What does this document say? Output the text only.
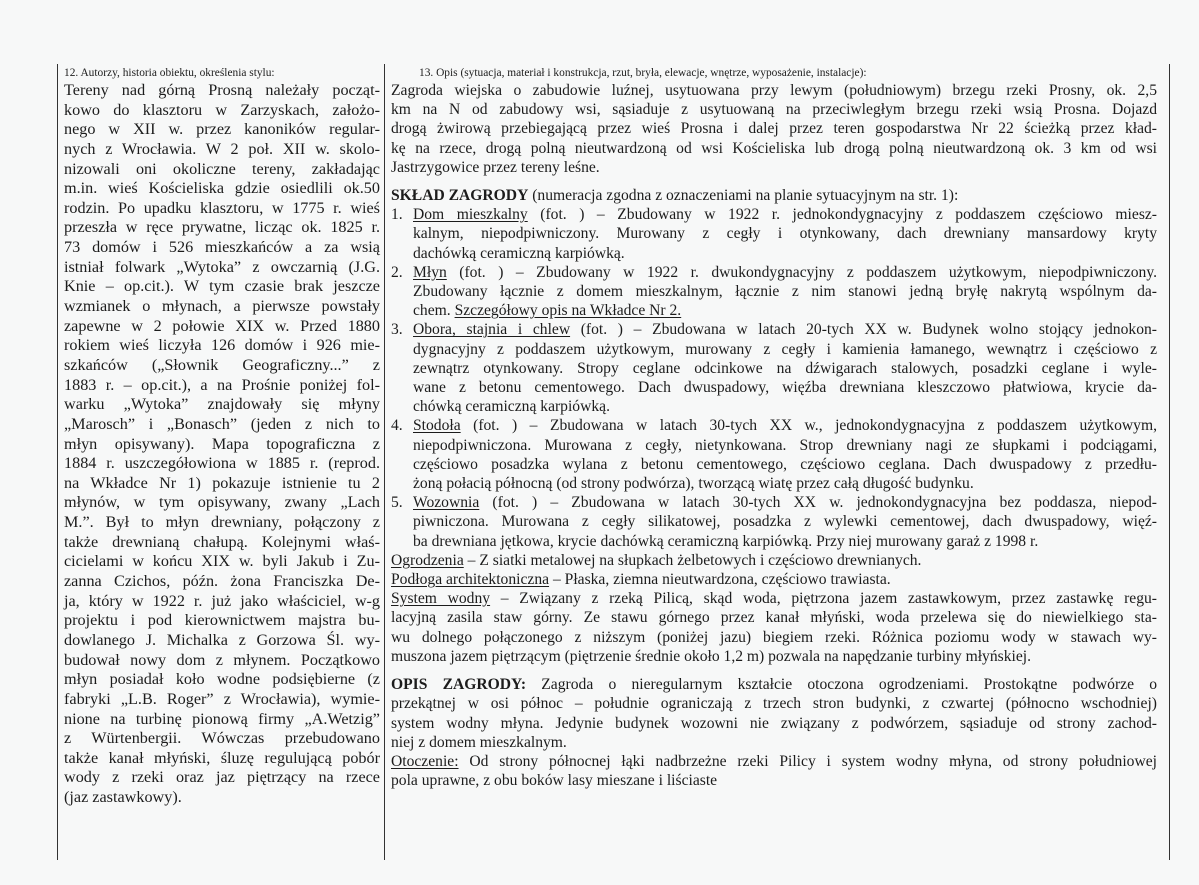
12. Autorzy, historia obiektu, określenia stylu:
Tereny nad górną Prosną należały począt-
kowo do klasztoru w Zarzyskach, założo-
nego w XII w. przez kanoników regular-
nych z Wrocławia. W 2 poł. XII w. skolo-
nizowali oni okoliczne tereny, zakładając
m.in. wieś Kościeliska gdzie osiedlili ok.50
rodzin. Po upadku klasztoru, w 1775 r. wieś
przeszła w ręce prywatne, licząc ok. 1825 r.
73 domów i 526 mieszkańców a za wsią
istniał folwark „Wytoka” z owczarnią (J.G.
Knie – op.cit.). W tym czasie brak jeszcze
wzmianek o młynach, a pierwsze powstały
zapewne w 2 połowie XIX w. Przed 1880
rokiem wieś liczyła 126 domów i 926 mie-
szkańców („Słownik Geograficzny...” z
1883 r. – op.cit.), a na Prośnie poniżej fol-
warku „Wytoka” znajdowały się młyny
„Marosch” i „Bonasch” (jeden z nich to
młyn opisywany). Mapa topograficzna z
1884 r. uszczegółowiona w 1885 r. (reprod.
na Wkładce Nr 1) pokazuje istnienie tu 2
młynów, w tym opisywany, zwany „Lach
M.”. Był to młyn drewniany, połączony z
także drewnianą chałupą. Kolejnymi właś-
cicielami w końcu XIX w. byli Jakub i Zu-
zanna Czichos, późn. żona Franciszka De-
ja, który w 1922 r. już jako właściciel, w-g
projektu i pod kierownictwem majstra bu-
dowlanego J. Michalka z Gorzowa Śl. wy-
budował nowy dom z młynem. Początkowo
młyn posiadał koło wodne podsiębierne (z
fabryki „L.B. Roger” z Wrocławia), wymie-
nione na turbinę pionową firmy „A.Wetzig”
z Würtenbergii. Wówczas przebudowano
także kanał młyński, śluzę regulującą pobór
wody z rzeki oraz jaz piętrzący na rzece
(jaz zastawkowy).
13. Opis (sytuacja, materiał i konstrukcja, rzut, bryła, elewacje, wnętrze, wyposażenie, instalacje):
Zagroda wiejska o zabudowie luźnej, usytuowana przy lewym (południowym) brzegu rzeki Prosny, ok. 2,5
km na N od zabudowy wsi, sąsiaduje z usytuowaną na przeciwległym brzegu rzeki wsią Prosna. Dojazd
drogą żwirową przebiegającą przez wieś Prosna i dalej przez teren gospodarstwa Nr 22 ścieżką przez kład-
kę na rzece, drogą polną nieutwardzoną od wsi Kościeliska lub drogą polną nieutwardzoną ok. 3 km od wsi
Jastrzygowice przez tereny leśne.
SKŁAD ZAGRODY (numeracja zgodna z oznaczeniami na planie sytuacyjnym na str. 1):
1. Dom mieszkalny (fot. ) – Zbudowany w 1922 r. jednokondygnacyjny z poddaszem częściowo miesz-
kalnym, niepodpiwniczony. Murowany z cegły i otynkowany, dach drewniany mansardowy kryty
dachówką ceramiczną karpiówką.
2. Młyn (fot. ) – Zbudowany w 1922 r. dwukondygnacyjny z poddaszem użytkowym, niepodpiwniczony.
Zbudowany łącznie z domem mieszkalnym, łącznie z nim stanowi jedną bryłę nakrytą wspólnym da-
chem. Szczegółowy opis na Wkładce Nr 2.
3. Obora, stajnia i chlew (fot. ) – Zbudowana w latach 20-tych XX w. Budynek wolno stojący jednokon-
dygnacyjny z poddaszem użytkowym, murowany z cegły i kamienia łamanego, wewnątrz i częściowo z
zewnątrz otynkowany. Stropy ceglane odcinkowe na dźwigarach stalowych, posadzki ceglane i wyle-
wane z betonu cementowego. Dach dwuspadowy, więźba drewniana kleszczowo płatwiowa, krycie da-
chówką ceramiczną karpiówką.
4. Stodoła (fot. ) – Zbudowana w latach 30-tych XX w., jednokondygnacyjna z poddaszem użytkowym,
niepodpiwniczona. Murowana z cegły, nietynkowana. Strop drewniany nagi ze słupkami i podciągami,
częściowo posadzka wylana z betonu cementowego, częściowo ceglana. Dach dwuspadowy z przedłu-
żoną połacią północną (od strony podwórza), tworzącą wiatę przez całą długość budynku.
5. Wozownia (fot. ) – Zbudowana w latach 30-tych XX w. jednokondygnacyjna bez poddasza, niepod-
piwniczona. Murowana z cegły silikatowej, posadzka z wylewki cementowej, dach dwuspadowy, więź-
ba drewniana jętkowa, krycie dachówką ceramiczną karpiówką. Przy niej murowany garaż z 1998 r.
Ogrodzenia – Z siatki metalowej na słupkach żelbetowych i częściowo drewnianych.
Podłoga architektoniczna – Płaska, ziemna nieutwardzona, częściowo trawiasta.
System wodny – Związany z rzeką Pilicą, skąd woda, piętrzona jazem zastawkowym, przez zastawkę regu-
lacyjną zasila staw górny. Ze stawu górnego przez kanał młyński, woda przelewa się do niewielkiego sta-
wu dolnego połączonego z niższym (poniżej jazu) biegiem rzeki. Różnica poziomu wody w stawach wy-
muszona jazem piętrzącym (piętrzenie średnie około 1,2 m) pozwala na napędzanie turbiny młyńskiej.
OPIS ZAGRODY: Zagroda o nieregularnym kształcie otoczona ogrodzeniami. Prostokątne podwórze o
przekątnej w osi północ – południe ograniczają z trzech stron budynki, z czwartej (północno wschodniej)
system wodny młyna. Jedynie budynek wozowni nie związany z podwórzem, sąsiaduje od strony zachod-
niej z domem mieszkalnym.
Otoczenie: Od strony północnej łąki nadbrzeżne rzeki Pilicy i system wodny młyna, od strony południowej
pola uprawne, z obu boków lasy mieszane i liściaste
